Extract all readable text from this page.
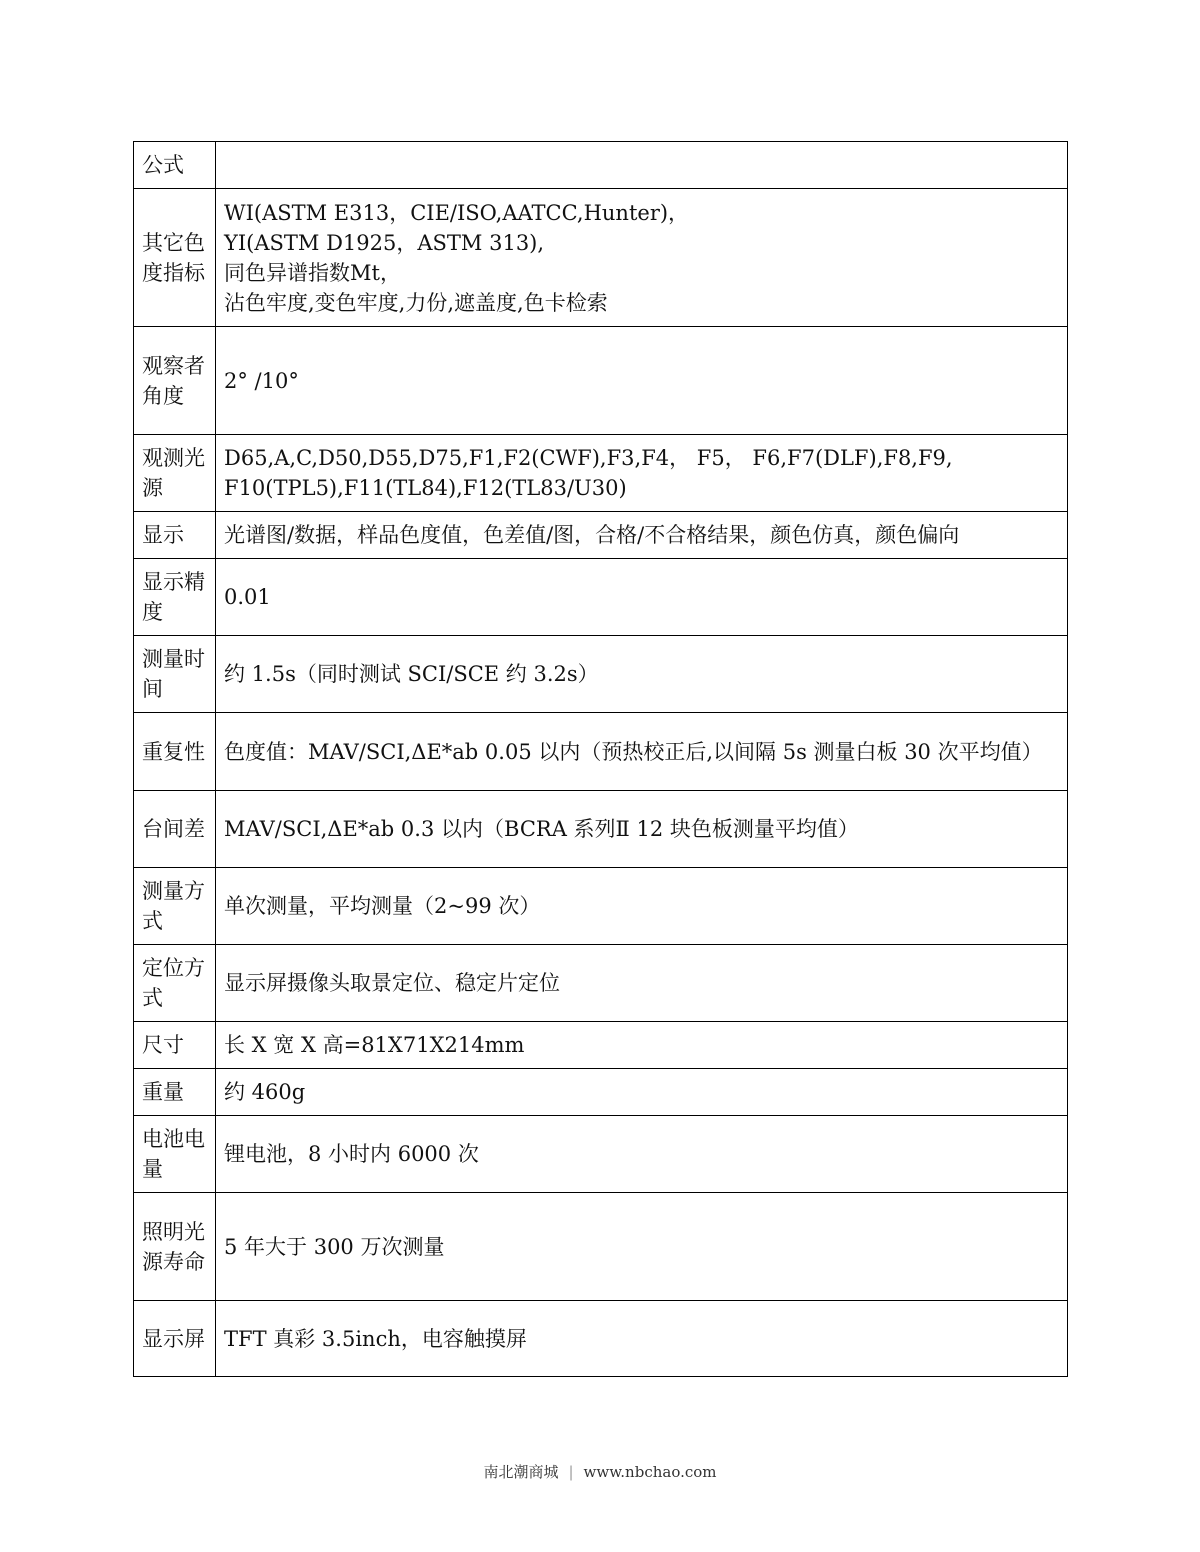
公式	
其它色度指标	WI(ASTM E313，CIE/ISO,AATCC,Hunter)，
YI(ASTM D1925，ASTM 313),
同色异谱指数Mt，
沾色牢度,变色牢度,力份,遮盖度,色卡检索
观察者角度	2° /10°
观测光源	D65,A,C,D50,D55,D75,F1,F2(CWF),F3,F4， F5， F6,F7(DLF),F8,F9,
F10(TPL5),F11(TL84),F12(TL83/U30)
显示	光谱图/数据，样品色度值，色差值/图，合格/不合格结果，颜色仿真，颜色偏向
显示精度	0.01
测量时间	约 1.5s（同时测试 SCI/SCE 约 3.2s）
重复性	色度值：MAV/SCI,ΔE*ab 0.05 以内（预热校正后,以间隔 5s 测量白板 30 次平均值）
台间差	MAV/SCI,ΔE*ab 0.3 以内（BCRA 系列Ⅱ 12 块色板测量平均值）
测量方式	单次测量，平均测量（2~99 次）
定位方式	显示屏摄像头取景定位、稳定片定位
尺寸	长 X 宽 X 高=81X71X214mm
重量	约 460g
电池电量	锂电池，8 小时内 6000 次
照明光源寿命	5 年大于 300 万次测量
显示屏	TFT 真彩 3.5inch，电容触摸屏
南北潮商城 | www.nbchao.com
